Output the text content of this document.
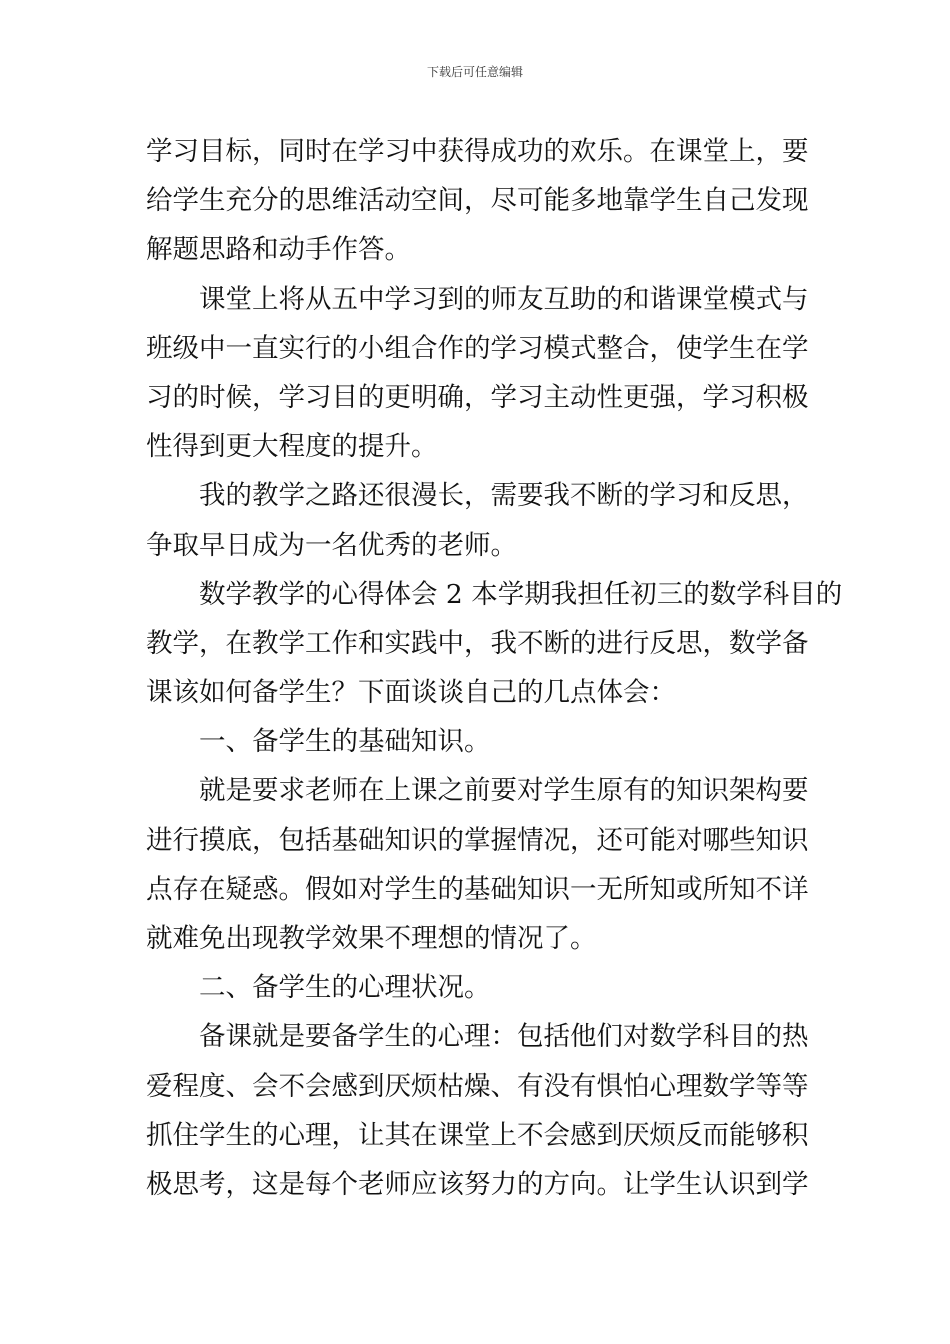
下载后可任意编辑
学习目标，同时在学习中获得成功的欢乐。在课堂上，要
给学生充分的思维活动空间，尽可能多地靠学生自己发现
解题思路和动手作答。
课堂上将从五中学习到的师友互助的和谐课堂模式与
班级中一直实行的小组合作的学习模式整合，使学生在学
习的时候，学习目的更明确，学习主动性更强，学习积极
性得到更大程度的提升。
我的教学之路还很漫长，需要我不断的学习和反思，
争取早日成为一名优秀的老师。
数学教学的心得体会 2 本学期我担任初三的数学科目的
教学，在教学工作和实践中，我不断的进行反思，数学备
课该如何备学生？下面谈谈自己的几点体会：
一、备学生的基础知识。
就是要求老师在上课之前要对学生原有的知识架构要
进行摸底，包括基础知识的掌握情况，还可能对哪些知识
点存在疑惑。假如对学生的基础知识一无所知或所知不详
就难免出现教学效果不理想的情况了。
二、备学生的心理状况。
备课就是要备学生的心理：包括他们对数学科目的热
爱程度、会不会感到厌烦枯燥、有没有惧怕心理数学等等
抓住学生的心理，让其在课堂上不会感到厌烦反而能够积
极思考，这是每个老师应该努力的方向。让学生认识到学
